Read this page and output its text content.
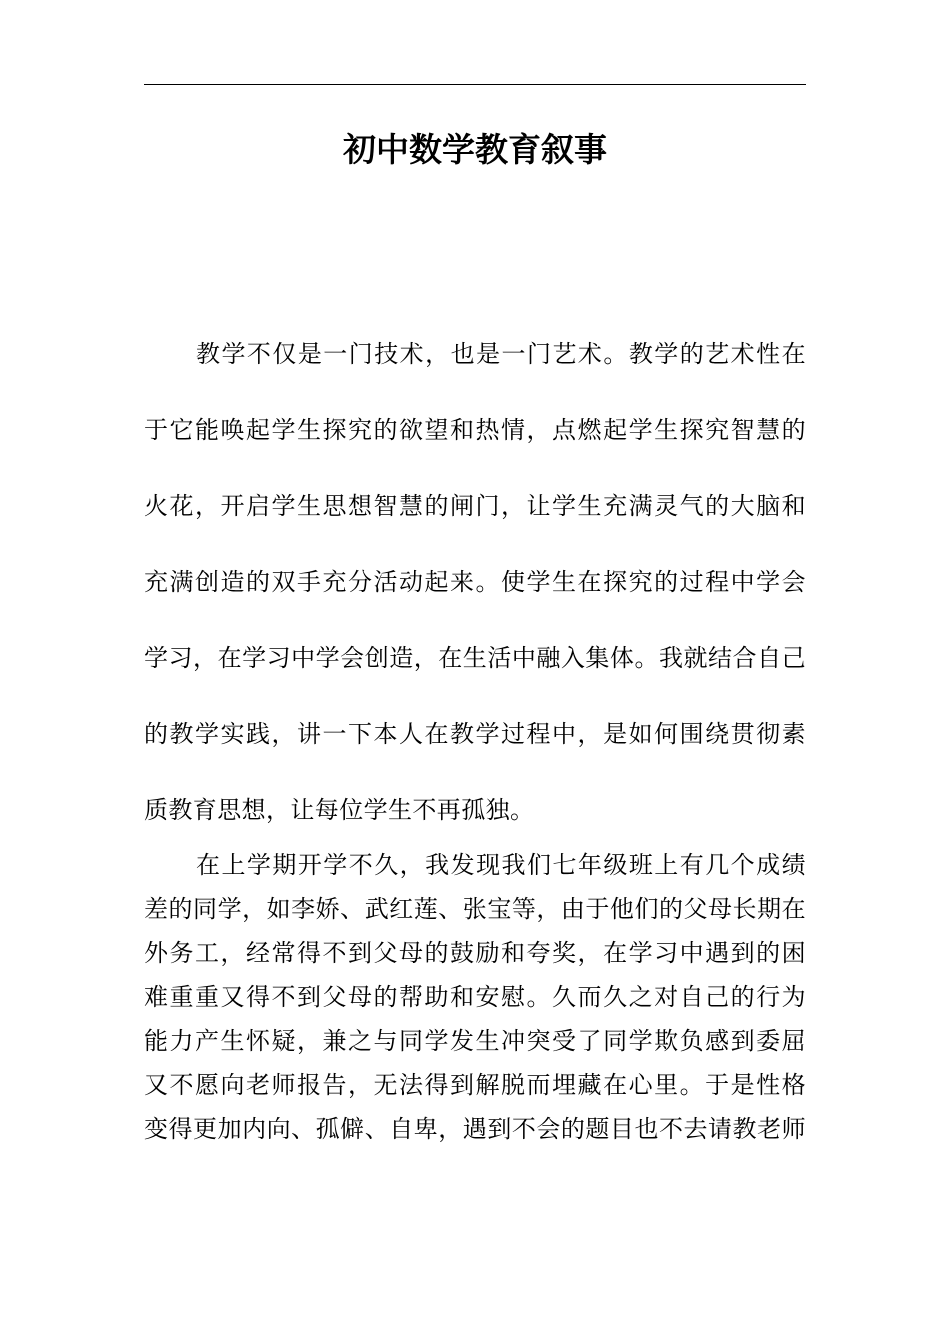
初中数学教育叙事
教学不仅是一门技术，也是一门艺术。教学的艺术性在
于它能唤起学生探究的欲望和热情，点燃起学生探究智慧的
火花，开启学生思想智慧的闸门，让学生充满灵气的大脑和
充满创造的双手充分活动起来。使学生在探究的过程中学会
学习，在学习中学会创造，在生活中融入集体。我就结合自己
的教学实践，讲一下本人在教学过程中，是如何围绕贯彻素
质教育思想，让每位学生不再孤独。
在上学期开学不久，我发现我们七年级班上有几个成绩
差的同学，如李娇、武红莲、张宝等，由于他们的父母长期在
外务工，经常得不到父母的鼓励和夸奖，在学习中遇到的困
难重重又得不到父母的帮助和安慰。久而久之对自己的行为
能力产生怀疑，兼之与同学发生冲突受了同学欺负感到委屈
又不愿向老师报告，无法得到解脱而埋藏在心里。于是性格
变得更加内向、孤僻、自卑，遇到不会的题目也不去请教老师
